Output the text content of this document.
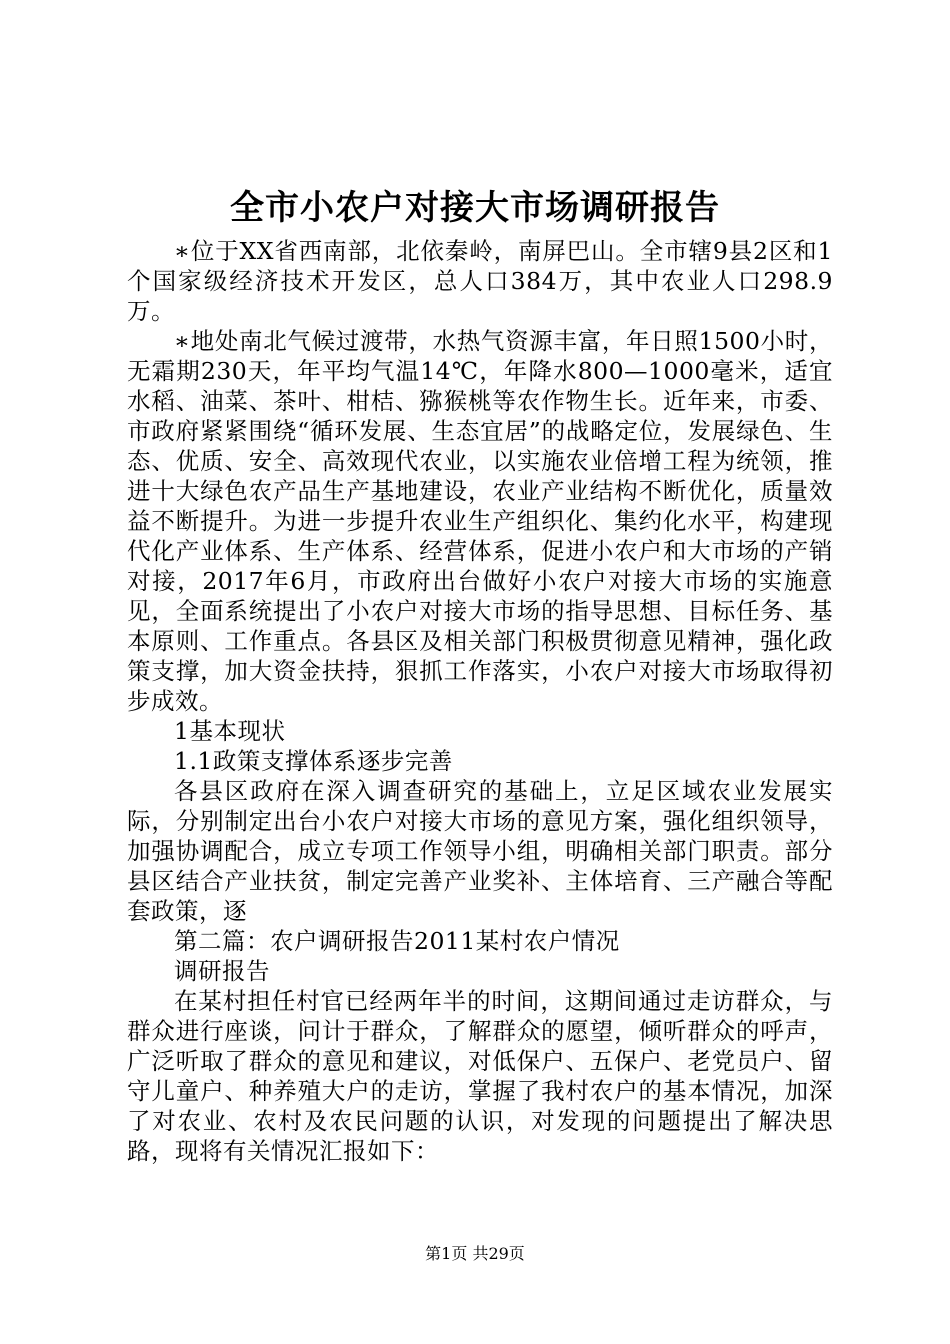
全市小农户对接大市场调研报告

∗位于XX省西南部，北依秦岭，南屏巴山。全市辖9县2区和1个国家级经济技术开发区，总人口384万，其中农业人口298.9万。

∗地处南北气候过渡带，水热气资源丰富，年日照1500小时，无霜期230天，年平均气温14℃，年降水800—1000毫米，适宜水稻、油菜、茶叶、柑桔、猕猴桃等农作物生长。近年来，市委、市政府紧紧围绕“循环发展、生态宜居”的战略定位，发展绿色、生态、优质、安全、高效现代农业，以实施农业倍增工程为统领，推进十大绿色农产品生产基地建设，农业产业结构不断优化，质量效益不断提升。为进一步提升农业生产组织化、集约化水平，构建现代化产业体系、生产体系、经营体系，促进小农户和大市场的产销对接，2017年6月，市政府出台做好小农户对接大市场的实施意见，全面系统提出了小农户对接大市场的指导思想、目标任务、基本原则、工作重点。各县区及相关部门积极贯彻意见精神，强化政策支撑，加大资金扶持，狠抓工作落实，小农户对接大市场取得初步成效。

1基本现状

1.1政策支撑体系逐步完善

各县区政府在深入调查研究的基础上，立足区域农业发展实际，分别制定出台小农户对接大市场的意见方案，强化组织领导，加强协调配合，成立专项工作领导小组，明确相关部门职责。部分县区结合产业扶贫，制定完善产业奖补、主体培育、三产融合等配套政策，逐

第二篇：农户调研报告2011某村农户情况

调研报告

在某村担任村官已经两年半的时间，这期间通过走访群众，与群众进行座谈，问计于群众，了解群众的愿望，倾听群众的呼声，广泛听取了群众的意见和建议，对低保户、五保户、老党员户、留守儿童户、种养殖大户的走访，掌握了我村农户的基本情况，加深了对农业、农村及农民问题的认识，对发现的问题提出了解决思路，现将有关情况汇报如下：

第1页 共29页
